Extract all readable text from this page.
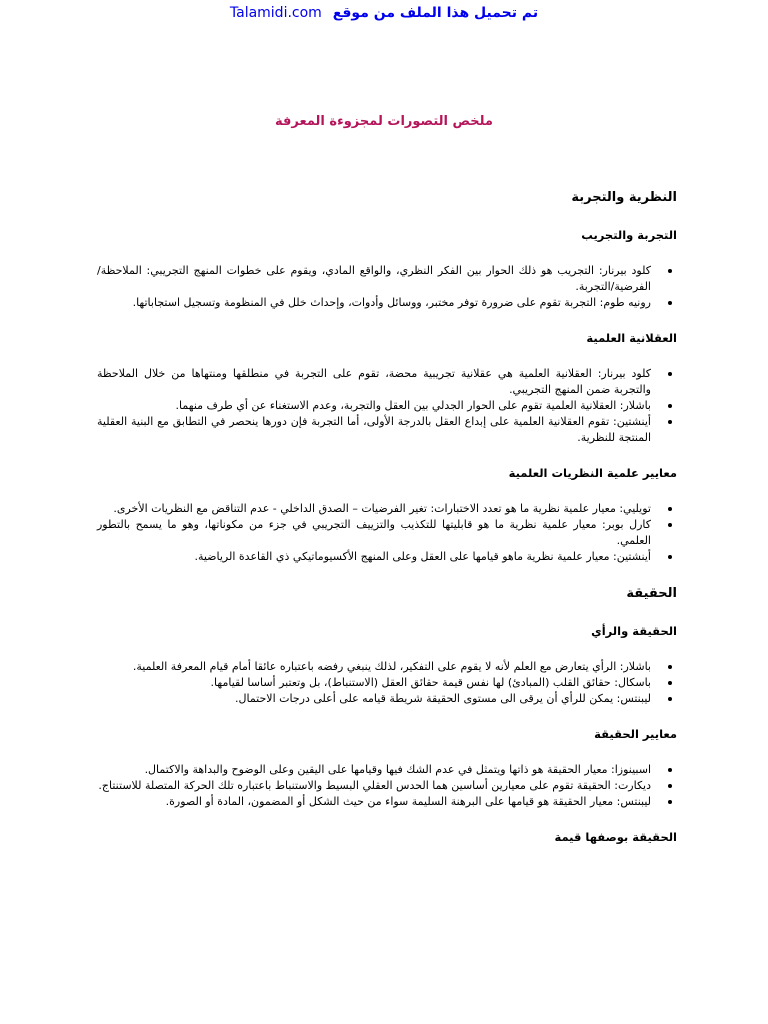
تم تحميل هذا الملف من موقع Talamidi.com
ملخص التصورات لمجزوءة المعرفة
النظرية والتجربة
التجربة والتجريب
كلود بيرنار: التجريب هو ذلك الحوار بين الفكر النظري، والواقع المادي، ويقوم على خطوات المنهج التجريبي: الملاحظة/الفرضية/التجربة.
رونيه طوم: التجربة تقوم على ضرورة توفر مختبر، ووسائل وأدوات، وإحداث خلل في المنظومة وتسجيل استجاباتها.
العقلانية العلمية
كلود بيرنار: العقلانية العلمية هي عقلانية تجريبية محضة، تقوم على التجربة في منطلقها ومنتهاها من خلال الملاحظة والتجربة ضمن المنهج التجريبي.
باشلار: العقلانية العلمية تقوم على الحوار الجدلي بين العقل والتجربة، وعدم الاستغناء عن أي طرف منهما.
أينشتين: تقوم العقلانية العلمية على إبداع العقل بالدرجة الأولى، أما التجربة فإن دورها ينحصر في التطابق مع البنية العقلية المنتجة للنظرية.
معايير علمية النظريات العلمية
تويليي: معيار علمية نظرية ما هو تعدد الاختبارات: تغير الفرضيات – الصدق الداخلي - عدم التناقض مع النظريات الأخرى.
كارل بوبر: معيار علمية نظرية ما هو قابليتها للتكذيب والتزييف التجريبي في جزء من مكوناتها، وهو ما يسمح بالتطور العلمي.
أينشتين: معيار علمية نظرية ماهو قيامها على العقل وعلى المنهج الأكسيوماتيكي ذي القاعدة الرياضية.
الحقيقة
الحقيقة والرأي
باشلار: الرأي يتعارض مع العلم لأنه لا يقوم على التفكير، لذلك ينبغي رفضه باعتباره عائقا أمام قيام المعرفة العلمية.
باسكال: حقائق القلب (المبادئ) لها نفس قيمة حقائق العقل (الاستنباط)، بل وتعتبر أساسا لقيامها.
ليبنتس: يمكن للرأي أن يرقى الى مستوى الحقيقة شريطة قيامه على أعلى درجات الاحتمال.
معايير الحقيقة
اسبينوزا: معيار الحقيقة هو ذاتها ويتمثل في عدم الشك فيها وقيامها على اليقين وعلى الوضوح والبداهة والاكتمال.
ديكارت: الحقيقة تقوم على معيارين أساسين هما الحدس العقلي البسيط والاستنباط باعتباره تلك الحركة المتصلة للاستنتاج.
ليبنتس: معيار الحقيقة هو قيامها على البرهنة السليمة سواء من حيث الشكل أو المضمون، المادة أو الصورة.
الحقيقة بوصفها قيمة
